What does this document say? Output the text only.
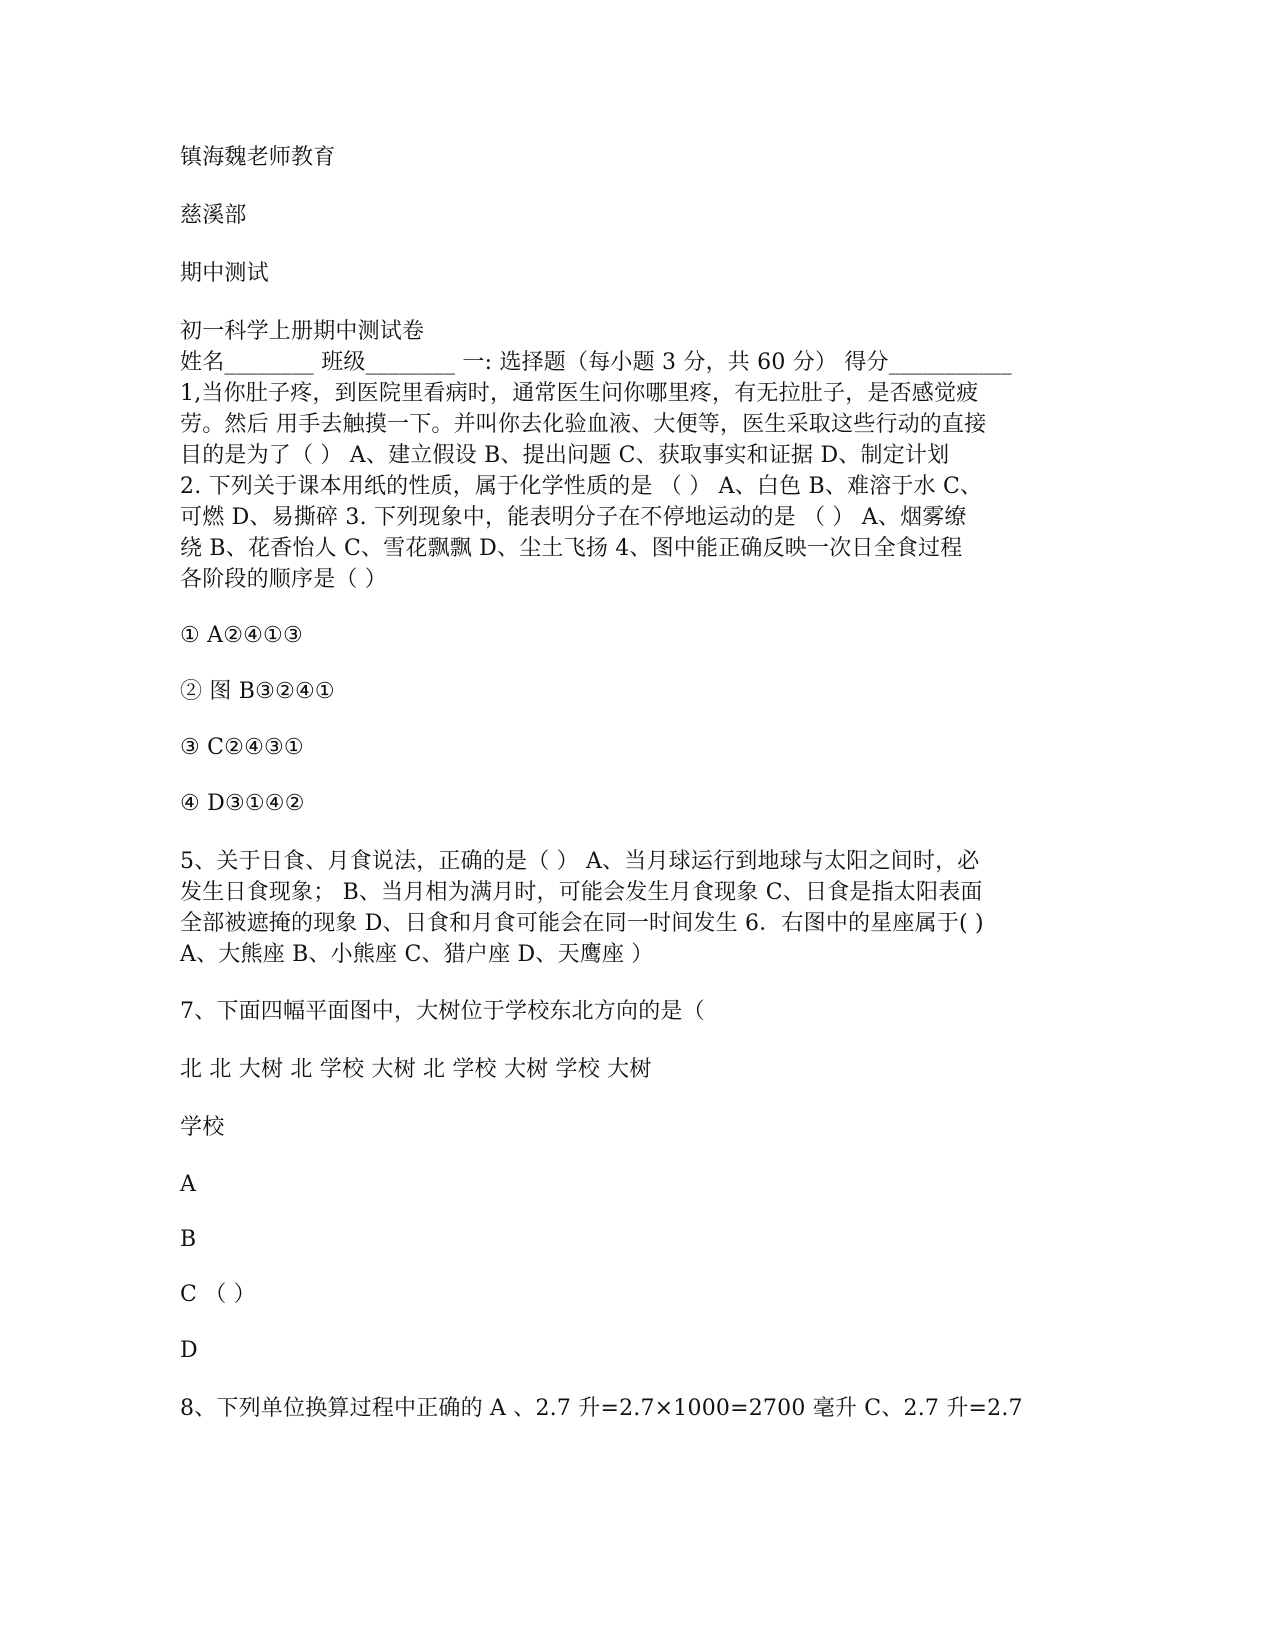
镇海魏老师教育
慈溪部
期中测试
初一科学上册期中测试卷
姓名________ 班级________ 一: 选择题（每小题 3 分，共 60 分） 得分___________
1,当你肚子疼，到医院里看病时，通常医生问你哪里疼，有无拉肚子，是否感觉疲
劳。然后 用手去触摸一下。并叫你去化验血液、大便等，医生采取这些行动的直接
目的是为了（ ） A、建立假设 B、提出问题 C、获取事实和证据 D、制定计划
2. 下列关于课本用纸的性质，属于化学性质的是 （ ） A、白色 B、难溶于水 C、
可燃 D、易撕碎 3. 下列现象中，能表明分子在不停地运动的是 （ ） A、烟雾缭
绕 B、花香怡人 C、雪花飘飘 D、尘土飞扬 4、图中能正确反映一次日全食过程
各阶段的顺序是（ ）
① A②④①③
② 图 B③②④①
③ C②④③①
④ D③①④②
5、关于日食、月食说法，正确的是（ ） A、当月球运行到地球与太阳之间时，必
发生日食现象； B、当月相为满月时，可能会发生月食现象 C、日食是指太阳表面
全部被遮掩的现象 D、日食和月食可能会在同一时间发生 6．右图中的星座属于( )
A、大熊座 B、小熊座 C、猎户座 D、天鹰座 ）
7、下面四幅平面图中，大树位于学校东北方向的是（
北 北 大树 北 学校 大树 北 学校 大树 学校 大树
学校
A
B
C （ ）
D
8、下列单位换算过程中正确的 A 、2.7 升=2.7×1000=2700 毫升 C、2.7 升=2.7
